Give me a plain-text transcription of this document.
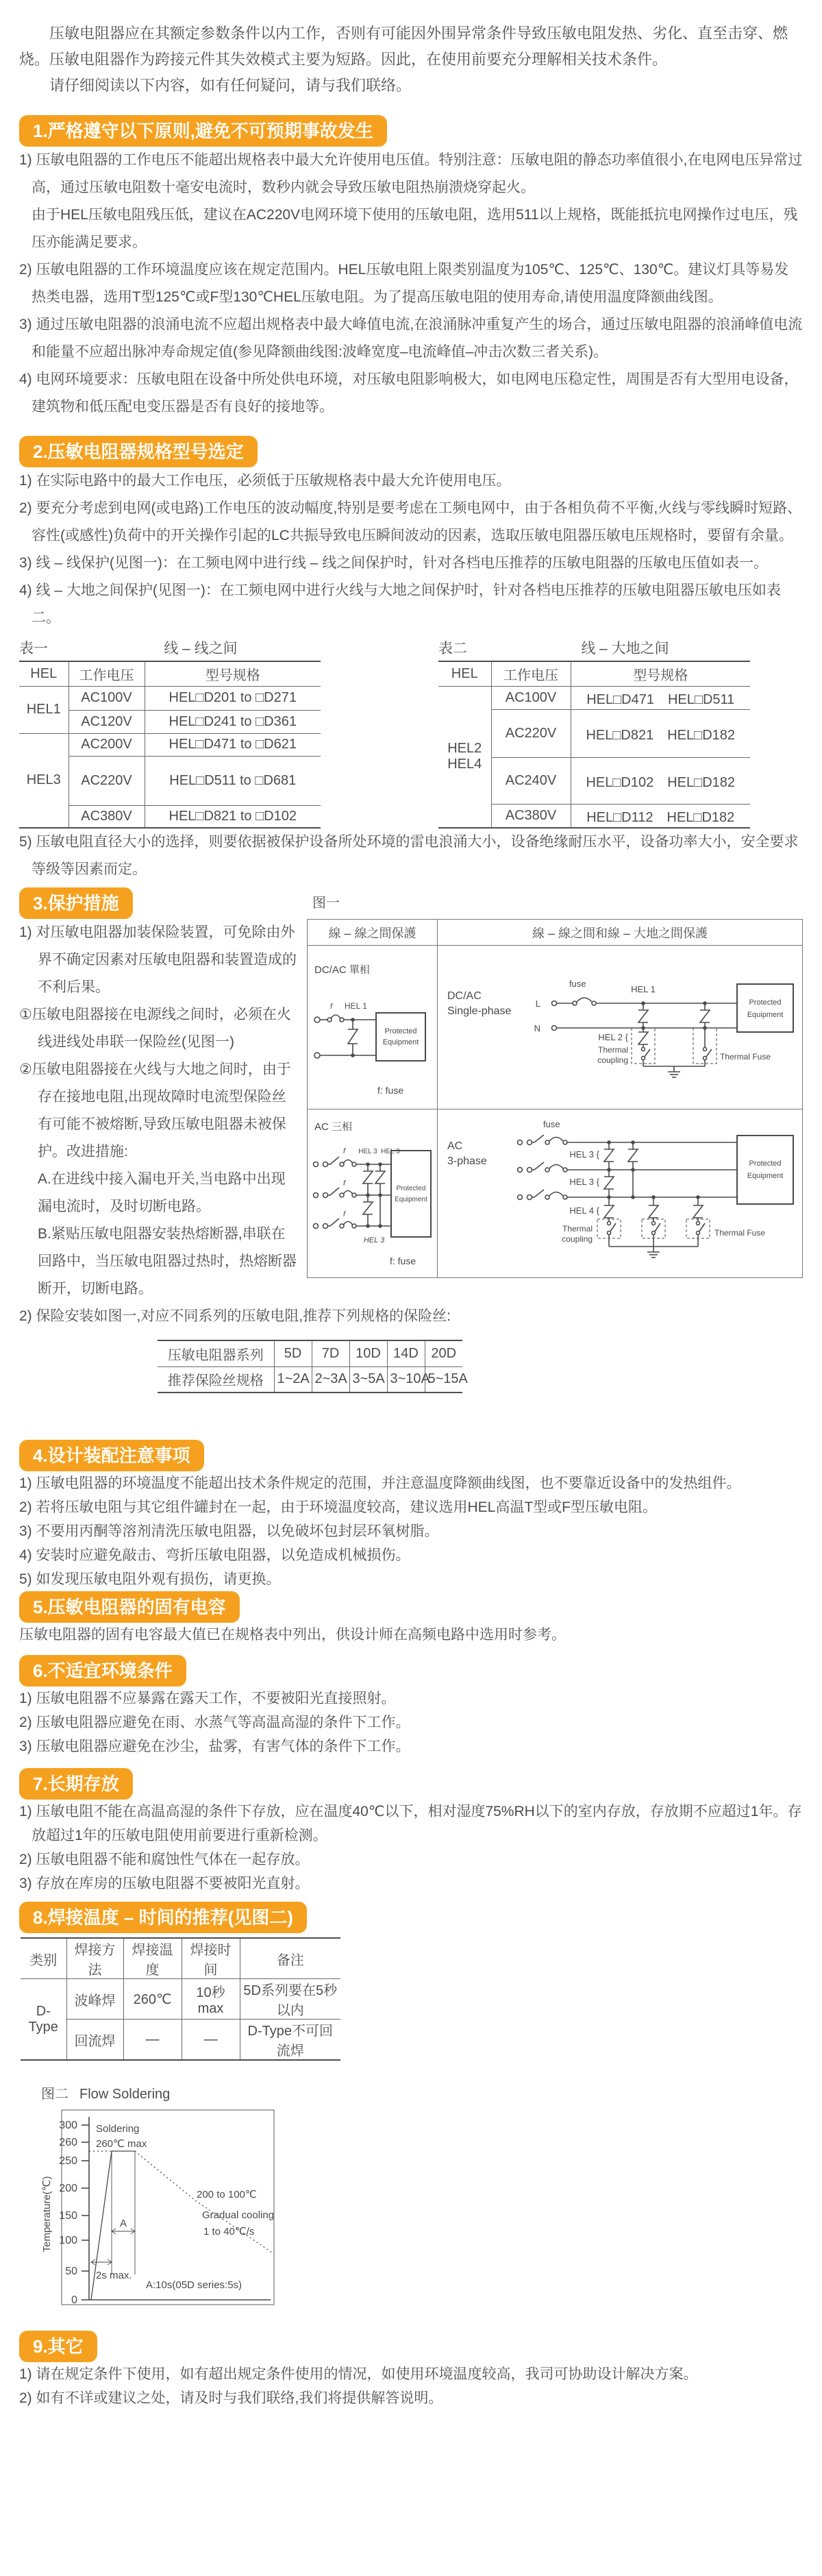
压敏电阻器应在其额定参数条件以内工作，否则有可能因外围异常条件导致压敏电阻发热、劣化、直至击穿、燃烧。压敏电阻器作为跨接元件其失效模式主要为短路。因此，在使用前要充分理解相关技术条件。

请仔细阅读以下内容，如有任何疑问，请与我们联络。

1.严格遵守以下原则,避免不可预期事故发生
1) 压敏电阻器的工作电压不能超出规格表中最大允许使用电压值。特别注意：压敏电阻的静态功率值很小,在电网电压异常过高，通过压敏电阻数十毫安电流时，数秒内就会导致压敏电阻热崩溃烧穿起火。
由于HEL压敏电阻残压低，建议在AC220V电网环境下使用的压敏电阻，选用511以上规格，既能抵抗电网操作过电压，残压亦能满足要求。
2) 压敏电阻器的工作环境温度应该在规定范围内。HEL压敏电阻上限类别温度为105℃、125℃、130℃。建议灯具等易发热类电器，选用T型125℃或F型130℃HEL压敏电阻。为了提高压敏电阻的使用寿命,请使用温度降额曲线图。
3) 通过压敏电阻器的浪涌电流不应超出规格表中最大峰值电流,在浪涌脉冲重复产生的场合，通过压敏电阻器的浪涌峰值电流和能量不应超出脉冲寿命规定值(参见降额曲线图:波峰宽度–电流峰值–冲击次数三者关系)。
4) 电网环境要求：压敏电阻在设备中所处供电环境，对压敏电阻影响极大，如电网电压稳定性，周围是否有大型用电设备，建筑物和低压配电变压器是否有良好的接地等。
2.压敏电阻器规格型号选定
1) 在实际电路中的最大工作电压，必须低于压敏规格表中最大允许使用电压。
2) 要充分考虑到电网(或电路)工作电压的波动幅度,特别是要考虑在工频电网中，由于各相负荷不平衡,火线与零线瞬时短路、容性(或感性)负荷中的开关操作引起的LC共振导致电压瞬间波动的因素，选取压敏电阻器压敏电压规格时，要留有余量。
3) 线 – 线保护(见图一)：在工频电网中进行线 – 线之间保护时，针对各档电压推荐的压敏电阻器的压敏电压值如表一。
4) 线 – 大地之间保护(见图一)：在工频电网中进行火线与大地之间保护时，针对各档电压推荐的压敏电阻器压敏电压如表二。
表一	线 – 线之间
HEL	工作电压	型号规格
HEL1	AC100V	HEL□D201 to □D271
	AC120V	HEL□D241 to □D361
HEL3	AC200V	HEL□D471 to □D621
	AC220V	HEL□D511 to □D681
	AC380V	HEL□D821 to □D102
表二	线 – 大地之间
HEL	工作电压	型号规格

HEL2
HEL4	AC100V	HEL□D471　HEL□D511
	AC220V	HEL□D821　HEL□D182
	AC240V	HEL□D102　HEL□D182
	AC380V	HEL□D112　HEL□D182
5) 压敏电阻直径大小的选择，则要依据被保护设备所处环境的雷电浪涌大小，设备绝缘耐压水平，设备功率大小，安全要求等级等因素而定。
3.保护措施
1) 对压敏电阻器加装保险装置，可免除由外界不确定因素对压敏电阻器和装置造成的不利后果。
①压敏电阻器接在电源线之间时，必须在火线进线处串联一保险丝(见图一)
②压敏电阻器接在火线与大地之间时，由于存在接地电阻,出现故障时电流型保险丝有可能不被熔断,导致压敏电阻器未被保护。改进措施:
A.在进线中接入漏电开关,当电路中出现漏电流时，及时切断电路。
B.紧贴压敏电阻器安装热熔断器,串联在回路中，当压敏电阻器过热时，热熔断器断开，切断电路。
图一
線 – 線之間保護	線 – 線之間和線 – 大地之間保護
DC/AC 單相
f HEL 1
Protected
Equipment
f: fuse
DC/AC
Single-phase
L
fuse
HEL 1
N
HEL 2 {
Thermal
coupling	Thermal Fuse
Protected
Equipment
AC 三相
f HEL 3 HEL 3
f
f
HEL 3
Protected
Equipment
f: fuse
AC
3-phase
fuse
HEL 3 {
HEL 3 {
HEL 4 {
Thermal
coupling
Thermal Fuse
Protected
Equipment
2) 保险安装如图一,对应不同系列的压敏电阻,推荐下列规格的保险丝:
压敏电阻器系列	5D	7D	10D	14D	20D
推荐保险丝规格	1~2A	2~3A	3~5A	3~10A	5~15A
4.设计装配注意事项
1) 压敏电阻器的环境温度不能超出技术条件规定的范围，并注意温度降额曲线图，也不要靠近设备中的发热组件。
2) 若将压敏电阻与其它组件罐封在一起，由于环境温度较高，建议选用HEL高温T型或F型压敏电阻。
3) 不要用丙酮等溶剂清洗压敏电阻器，以免破坏包封层环氧树脂。
4) 安装时应避免敲击、弯折压敏电阻器，以免造成机械损伤。
5) 如发现压敏电阻外观有损伤，请更换。
5.压敏电阻器的固有电容
压敏电阻器的固有电容最大值已在规格表中列出，供设计师在高频电路中选用时参考。
6.不适宜环境条件
1) 压敏电阻器不应暴露在露天工作，不要被阳光直接照射。
2) 压敏电阻器应避免在雨、水蒸气等高温高湿的条件下工作。
3) 压敏电阻器应避免在沙尘，盐雾，有害气体的条件下工作。
7.长期存放
1) 压敏电阻不能在高温高湿的条件下存放，应在温度40℃以下，相对湿度75%RH以下的室内存放，存放期不应超过1年。存放超过1年的压敏电阻使用前要进行重新检测。
2) 压敏电阻器不能和腐蚀性气体在一起存放。
3) 存放在库房的压敏电阻器不要被阳光直射。
8.焊接温度 – 时间的推荐(见图二)
类别	焊接方法	焊接温度	焊接时间	备注
D-Type	波峰焊	260℃	10秒 max	5D系列要在5秒以内
	回流焊	—	—	D-Type不可回流焊
图二 Flow Soldering
Temperature(℃)
300
260
250
200
150
100
50
0
A
2s max.
Soldering
260℃ max
200 to 100℃
Gradual cooling
1 to 40℃/s
A:10s(05D series:5s)
9.其它
1) 请在规定条件下使用，如有超出规定条件使用的情况，如使用环境温度较高，我司可协助设计解决方案。
2) 如有不详或建议之处，请及时与我们联络,我们将提供解答说明。
